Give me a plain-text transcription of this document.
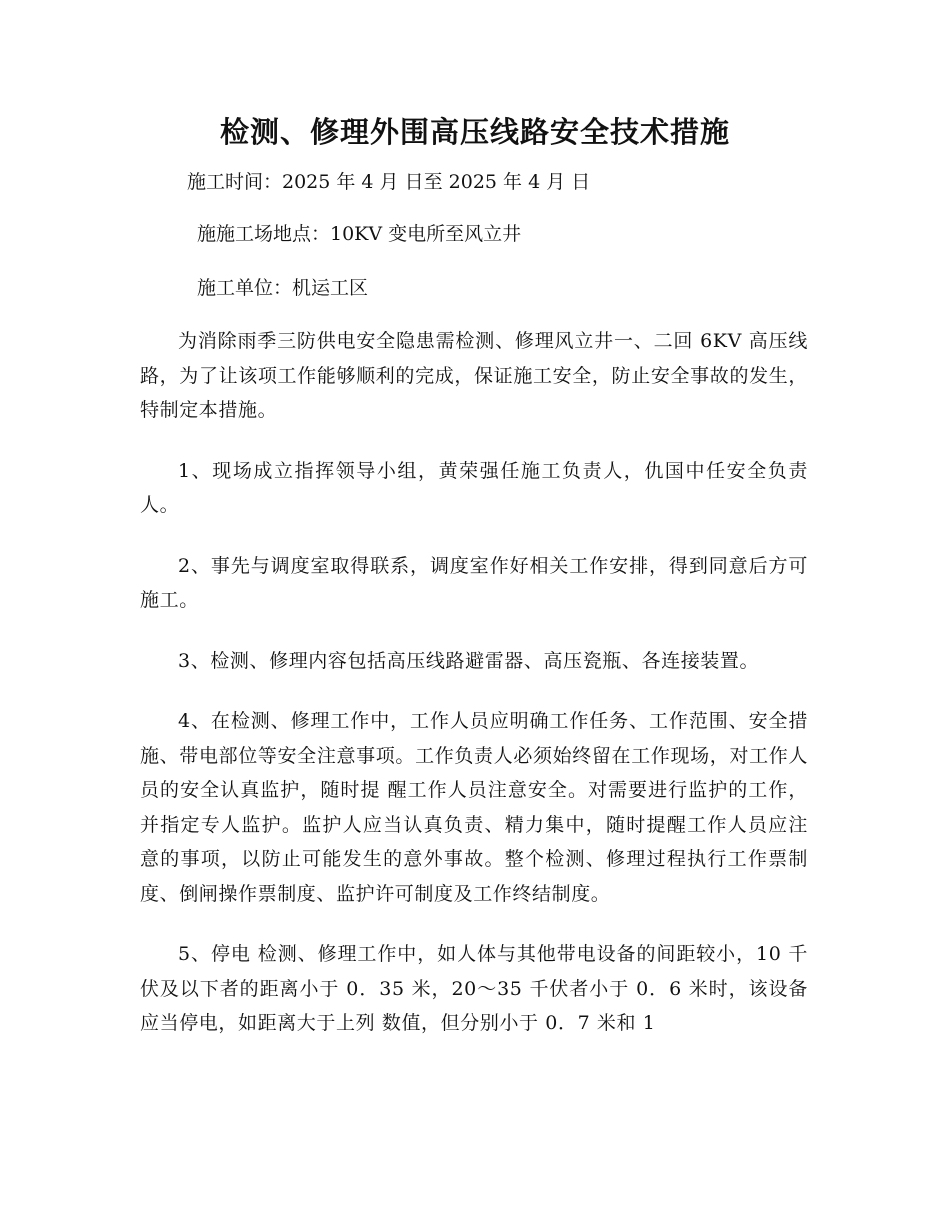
检测、修理外围高压线路安全技术措施

施工时间：2025 年 4 月 日至 2025 年 4 月 日

施施工场地点：10KV 变电所至风立井

施工单位：机运工区

为消除雨季三防供电安全隐患需检测、修理风立井一、二回 6KV 高压线路，为了让该项工作能够顺利的完成，保证施工安全，防止安全事故的发生，特制定本措施。

1、现场成立指挥领导小组，黄荣强任施工负责人，仇国中任安全负责人。

2、事先与调度室取得联系，调度室作好相关工作安排，得到同意后方可施工。

3、检测、修理内容包括高压线路避雷器、高压瓷瓶、各连接装置。

4、在检测、修理工作中，工作人员应明确工作任务、工作范围、安全措施、带电部位等安全注意事项。工作负责人必须始终留在工作现场，对工作人员的安全认真监护，随时提 醒工作人员注意安全。对需要进行监护的工作，并指定专人监护。监护人应当认真负责、精力集中，随时提醒工作人员应注 意的事项，以防止可能发生的意外事故。整个检测、修理过程执行工作票制度、倒闸操作票制度、监护许可制度及工作终结制度。

5、停电 检测、修理工作中，如人体与其他带电设备的间距较小，10 千伏及以下者的距离小于 0．35 米，20～35 千伏者小于 0．6 米时，该设备应当停电，如距离大于上列 数值，但分别小于 0．7 米和 1
